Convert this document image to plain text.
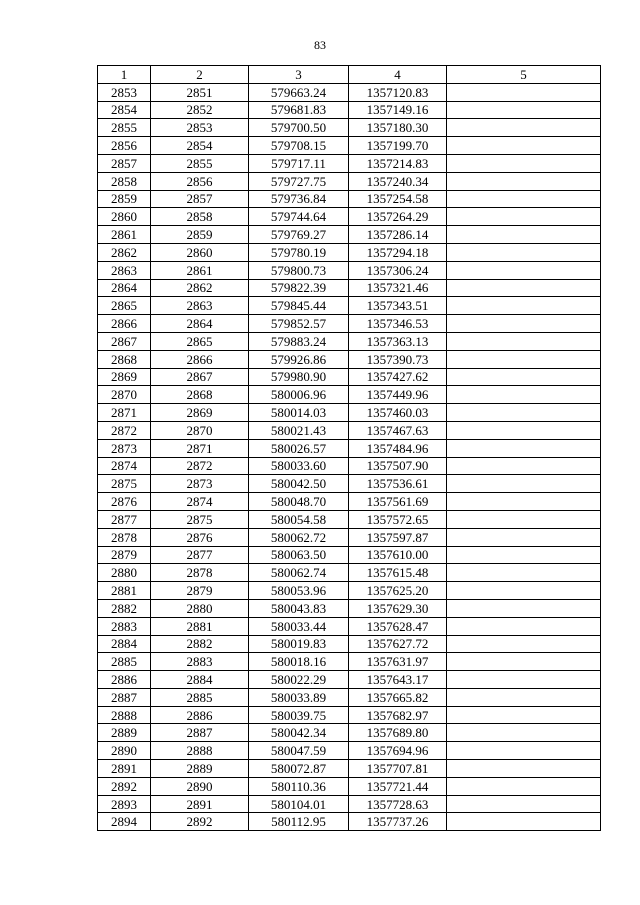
83
1	2	3	4	5
2853	2851	579663.24	1357120.83	
2854	2852	579681.83	1357149.16	
2855	2853	579700.50	1357180.30	
2856	2854	579708.15	1357199.70	
2857	2855	579717.11	1357214.83	
2858	2856	579727.75	1357240.34	
2859	2857	579736.84	1357254.58	
2860	2858	579744.64	1357264.29	
2861	2859	579769.27	1357286.14	
2862	2860	579780.19	1357294.18	
2863	2861	579800.73	1357306.24	
2864	2862	579822.39	1357321.46	
2865	2863	579845.44	1357343.51	
2866	2864	579852.57	1357346.53	
2867	2865	579883.24	1357363.13	
2868	2866	579926.86	1357390.73	
2869	2867	579980.90	1357427.62	
2870	2868	580006.96	1357449.96	
2871	2869	580014.03	1357460.03	
2872	2870	580021.43	1357467.63	
2873	2871	580026.57	1357484.96	
2874	2872	580033.60	1357507.90	
2875	2873	580042.50	1357536.61	
2876	2874	580048.70	1357561.69	
2877	2875	580054.58	1357572.65	
2878	2876	580062.72	1357597.87	
2879	2877	580063.50	1357610.00	
2880	2878	580062.74	1357615.48	
2881	2879	580053.96	1357625.20	
2882	2880	580043.83	1357629.30	
2883	2881	580033.44	1357628.47	
2884	2882	580019.83	1357627.72	
2885	2883	580018.16	1357631.97	
2886	2884	580022.29	1357643.17	
2887	2885	580033.89	1357665.82	
2888	2886	580039.75	1357682.97	
2889	2887	580042.34	1357689.80	
2890	2888	580047.59	1357694.96	
2891	2889	580072.87	1357707.81	
2892	2890	580110.36	1357721.44	
2893	2891	580104.01	1357728.63	
2894	2892	580112.95	1357737.26	
